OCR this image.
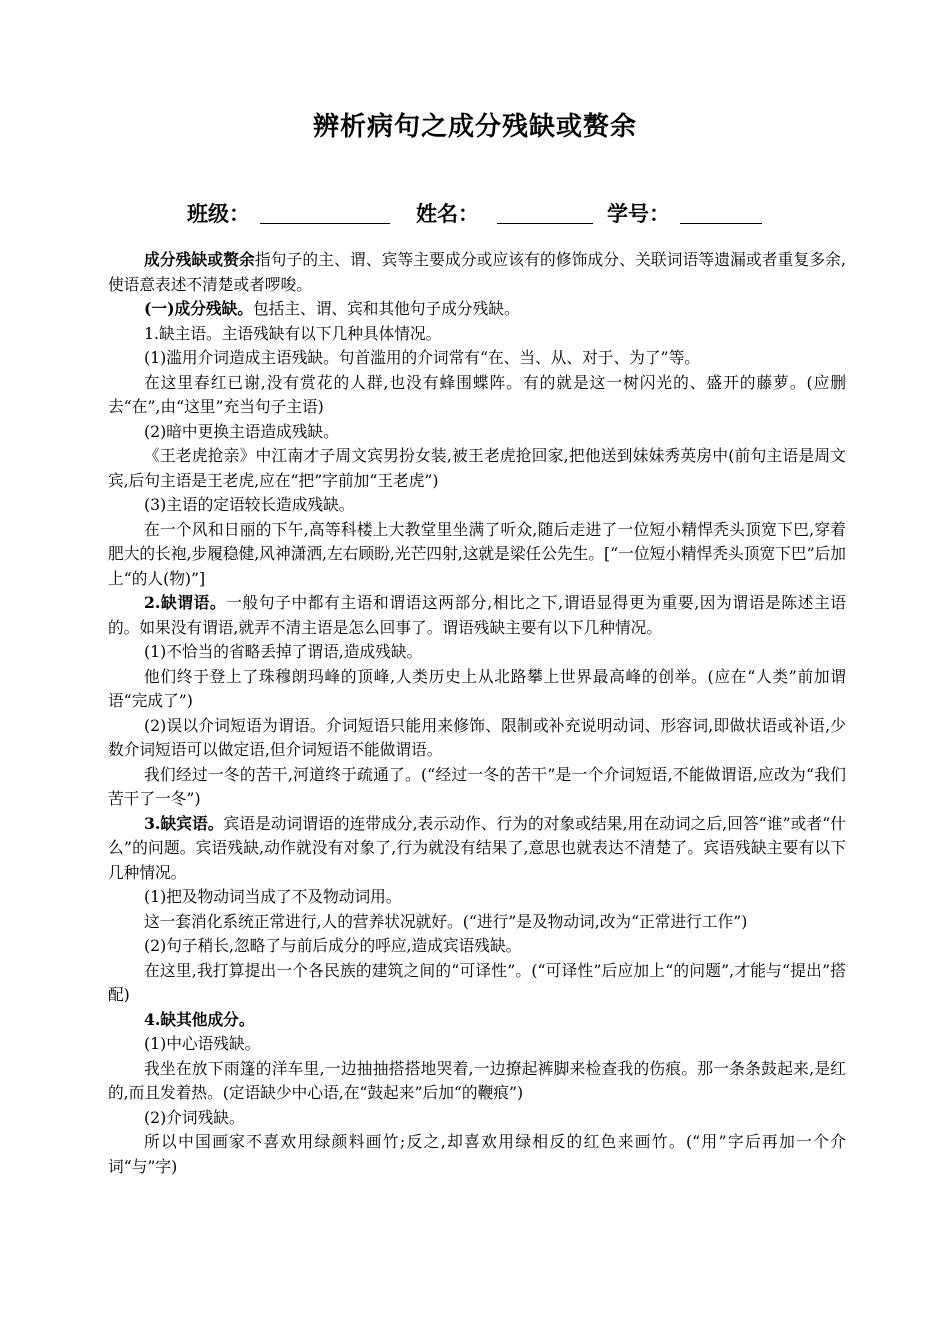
辨析病句之成分残缺或赘余
班级：	姓名：	学号：

成分残缺或赘余指句子的主、谓、宾等主要成分或应该有的修饰成分、关联词语等遗漏或者重复多余,使语意表述不清楚或者啰唆。

(一)成分残缺。包括主、谓、宾和其他句子成分残缺。

1.缺主语。主语残缺有以下几种具体情况。

(1)滥用介词造成主语残缺。句首滥用的介词常有“在、当、从、对于、为了”等。

在这里春红已谢,没有赏花的人群,也没有蜂围蝶阵。有的就是这一树闪光的、盛开的藤萝。(应删去“在”,由“这里”充当句子主语)

(2)暗中更换主语造成残缺。

《王老虎抢亲》中江南才子周文宾男扮女装,被王老虎抢回家,把他送到妹妹秀英房中(前句主语是周文宾,后句主语是王老虎,应在“把”字前加“王老虎”)

(3)主语的定语较长造成残缺。

在一个风和日丽的下午,高等科楼上大教堂里坐满了听众,随后走进了一位短小精悍秃头顶宽下巴,穿着肥大的长袍,步履稳健,风神潇洒,左右顾盼,光芒四射,这就是梁任公先生。[“一位短小精悍秃头顶宽下巴”后加上“的人(物)”]

2.缺谓语。一般句子中都有主语和谓语这两部分,相比之下,谓语显得更为重要,因为谓语是陈述主语的。如果没有谓语,就弄不清主语是怎么回事了。谓语残缺主要有以下几种情况。

(1)不恰当的省略丢掉了谓语,造成残缺。

他们终于登上了珠穆朗玛峰的顶峰,人类历史上从北路攀上世界最高峰的创举。(应在“人类”前加谓语“完成了”)

(2)误以介词短语为谓语。介词短语只能用来修饰、限制或补充说明动词、形容词,即做状语或补语,少数介词短语可以做定语,但介词短语不能做谓语。

我们经过一冬的苦干,河道终于疏通了。(“经过一冬的苦干”是一个介词短语,不能做谓语,应改为“我们苦干了一冬”)

3.缺宾语。宾语是动词谓语的连带成分,表示动作、行为的对象或结果,用在动词之后,回答“谁”或者“什么”的问题。宾语残缺,动作就没有对象了,行为就没有结果了,意思也就表达不清楚了。宾语残缺主要有以下几种情况。

(1)把及物动词当成了不及物动词用。

这一套消化系统正常进行,人的营养状况就好。(“进行”是及物动词,改为“正常进行工作”)

(2)句子稍长,忽略了与前后成分的呼应,造成宾语残缺。

在这里,我打算提出一个各民族的建筑之间的“可译性”。(“可译性”后应加上“的问题”,才能与“提出”搭配)

4.缺其他成分。

(1)中心语残缺。

我坐在放下雨篷的洋车里,一边抽抽搭搭地哭着,一边撩起裤脚来检查我的伤痕。那一条条鼓起来,是红的,而且发着热。(定语缺少中心语,在“鼓起来”后加“的鞭痕”)

(2)介词残缺。

所以中国画家不喜欢用绿颜料画竹;反之,却喜欢用绿相反的红色来画竹。(“用”字后再加一个介词“与”字)
